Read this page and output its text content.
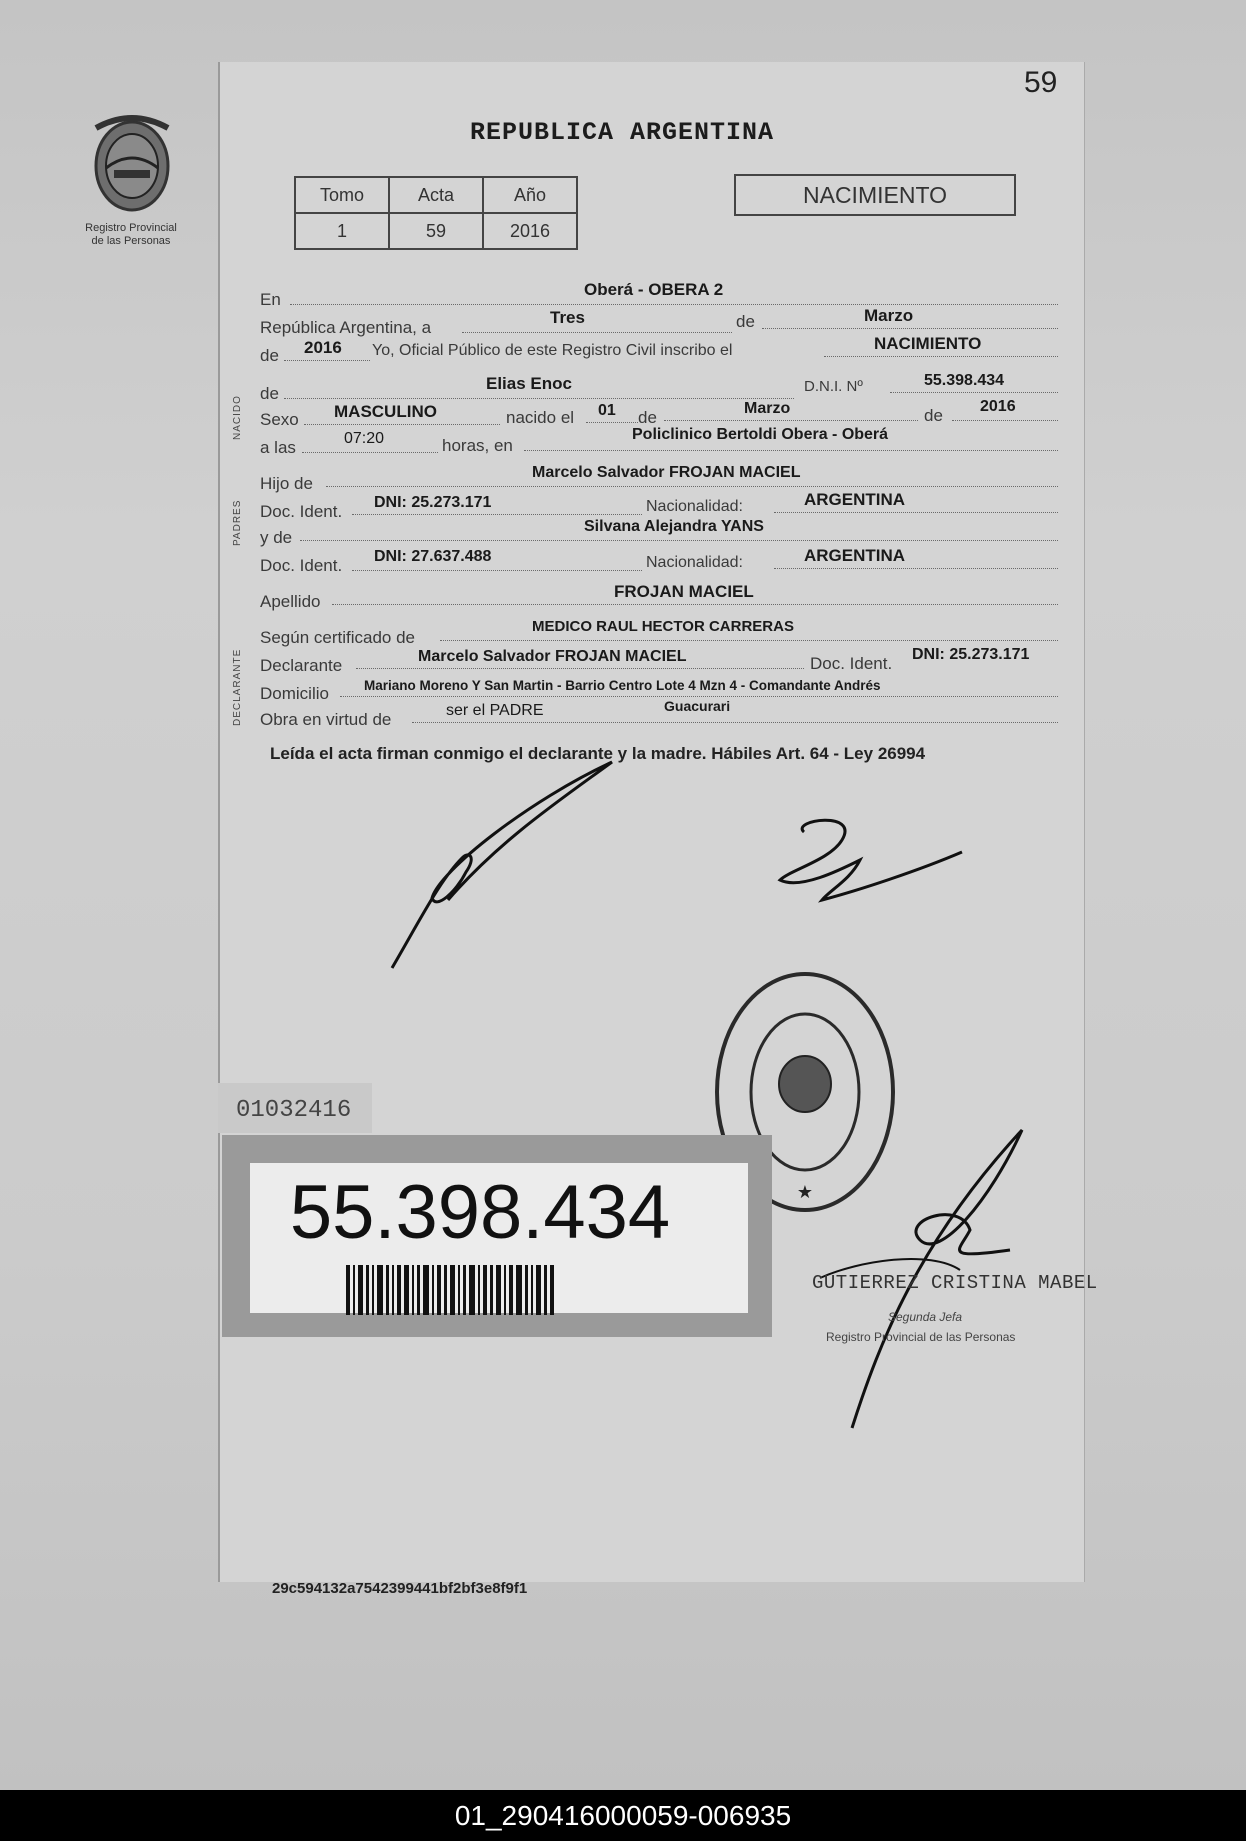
Registro Provincial
de las Personas
59
REPUBLICA ARGENTINA
Tomo	Acta	Año
1	59	2016
NACIMIENTO
NACIDO
PADRES
DECLARANTE
En
Oberá - OBERA 2
República Argentina, a
Tres	de	Marzo
de 2016 Yo, Oficial Público de este Registro Civil inscribo el	NACIMIENTO
de
Elias Enoc	D.N.I. Nº	55.398.434
Sexo MASCULINO	nacido el 01 de	Marzo	de 2016
a las	07:20	horas, en
Policlinico Bertoldi Obera - Oberá
Hijo de
Marcelo Salvador FROJAN MACIEL
Doc. Ident. DNI: 25.273.171	Nacionalidad:	ARGENTINA
y de
Silvana Alejandra YANS
Doc. Ident. DNI: 27.637.488	Nacionalidad:	ARGENTINA
Apellido
FROJAN MACIEL
Según certificado de
MEDICO RAUL HECTOR CARRERAS
Declarante	Marcelo Salvador FROJAN MACIEL	Doc. Ident. DNI: 25.273.171
Domicilio	Mariano Moreno Y San Martin - Barrio Centro Lote 4 Mzn 4 - Comandante Andrés
Obra en virtud de	ser el PADRE	Guacurari
Leída el acta firman conmigo el declarante y la madre. Hábiles Art. 64 - Ley 26994
★
01032416
55.398.434
GUTIERREZ CRISTINA MABEL
Segunda Jefa
Registro Provincial de las Personas
29c594132a7542399441bf2bf3e8f9f1
01_290416000059-006935
